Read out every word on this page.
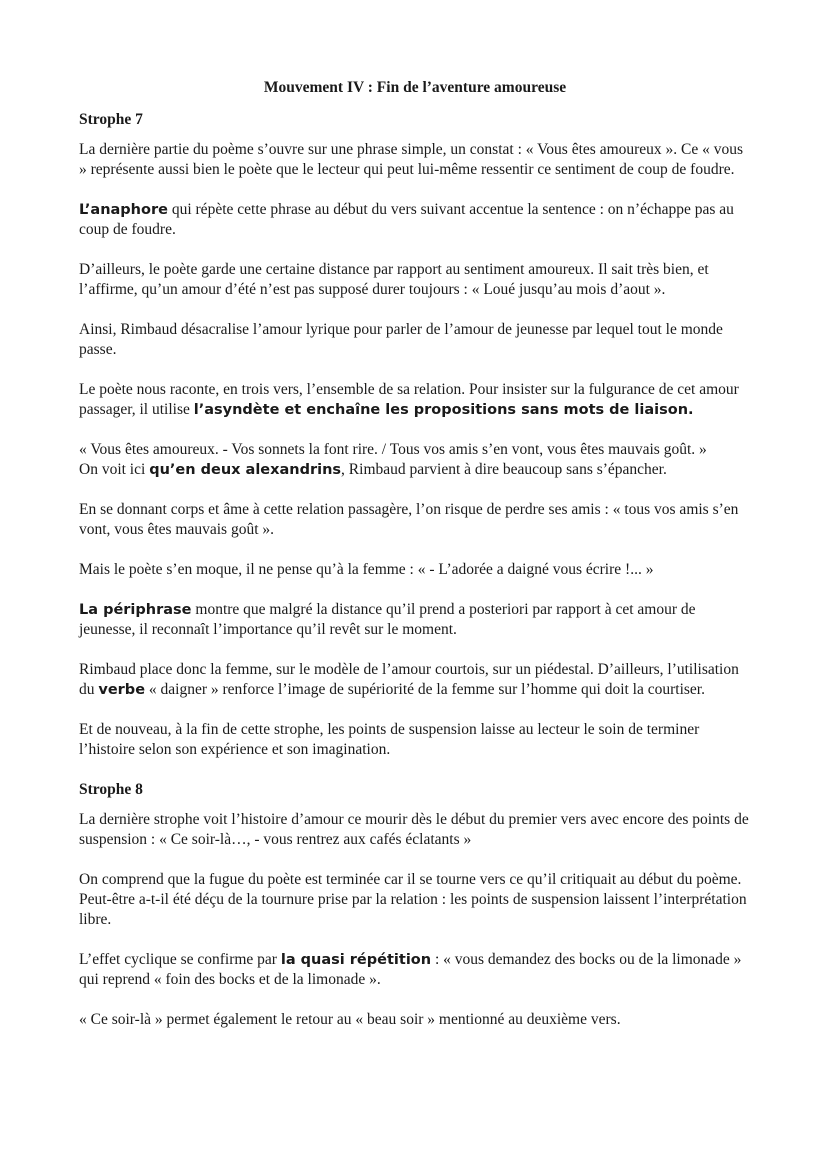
Mouvement IV : Fin de l’aventure amoureuse
Strophe 7

La dernière partie du poème s’ouvre sur une phrase simple, un constat : « Vous êtes amoureux ». Ce « vous » représente aussi bien le poète que le lecteur qui peut lui-même ressentir ce sentiment de coup de foudre.

L’anaphore qui répète cette phrase au début du vers suivant accentue la sentence : on n’échappe pas au coup de foudre.

D’ailleurs, le poète garde une certaine distance par rapport au sentiment amoureux. Il sait très bien, et l’affirme, qu’un amour d’été n’est pas supposé durer toujours : « Loué jusqu’au mois d’aout ».

Ainsi, Rimbaud désacralise l’amour lyrique pour parler de l’amour de jeunesse par lequel tout le monde passe.

Le poète nous raconte, en trois vers, l’ensemble de sa relation. Pour insister sur la fulgurance de cet amour passager, il utilise l’asyndète et enchaîne les propositions sans mots de liaison.

« Vous êtes amoureux. - Vos sonnets la font rire. / Tous vos amis s’en vont, vous êtes mauvais goût. »
On voit ici qu’en deux alexandrins, Rimbaud parvient à dire beaucoup sans s’épancher.

En se donnant corps et âme à cette relation passagère, l’on risque de perdre ses amis : « tous vos amis s’en vont, vous êtes mauvais goût ».

Mais le poète s’en moque, il ne pense qu’à la femme : « - L’adorée a daigné vous écrire !... »

La périphrase montre que malgré la distance qu’il prend a posteriori par rapport à cet amour de jeunesse, il reconnaît l’importance qu’il revêt sur le moment.

Rimbaud place donc la femme, sur le modèle de l’amour courtois, sur un piédestal. D’ailleurs, l’utilisation du verbe « daigner » renforce l’image de supériorité de la femme sur l’homme qui doit la courtiser.

Et de nouveau, à la fin de cette strophe, les points de suspension laisse au lecteur le soin de terminer l’histoire selon son expérience et son imagination.

Strophe 8

La dernière strophe voit l’histoire d’amour ce mourir dès le début du premier vers avec encore des points de suspension : « Ce soir-là…, - vous rentrez aux cafés éclatants »

On comprend que la fugue du poète est terminée car il se tourne vers ce qu’il critiquait au début du poème. Peut-être a-t-il été déçu de la tournure prise par la relation : les points de suspension laissent l’interprétation libre.

L’effet cyclique se confirme par la quasi répétition : « vous demandez des bocks ou de la limonade » qui reprend « foin des bocks et de la limonade ».

« Ce soir-là » permet également le retour au « beau soir » mentionné au deuxième vers.
